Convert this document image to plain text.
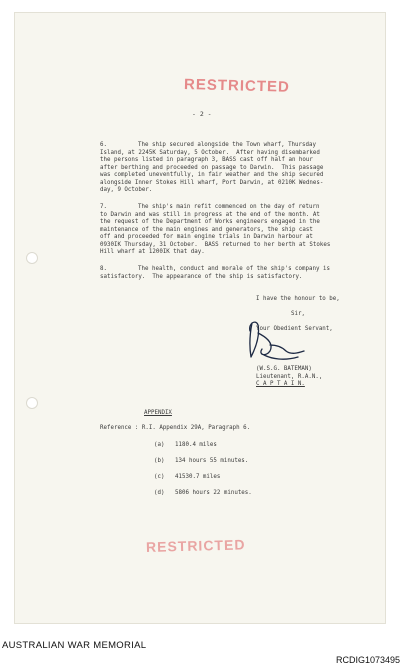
RESTRICTED
- 2 -
6.	The ship secured alongside the Town wharf, Thursday
Island, at 2245K Saturday, 5 October.  After having disembarked
the persons listed in paragraph 3, BASS cast off half an hour
after berthing and proceeded on passage to Darwin.  This passage
was completed uneventfully, in fair weather and the ship secured
alongside Inner Stokes Hill wharf, Port Darwin, at 0210K Wednes-
day, 9 October.
7.	The ship's main refit commenced on the day of return
to Darwin and was still in progress at the end of the month. At
the request of the Department of Works engineers engaged in the
maintenance of the main engines and generators, the ship cast
off and proceeded for main engine trials in Darwin harbour at
0930IK Thursday, 31 October.  BASS returned to her berth at Stokes
Hill wharf at 1200IK that day.
8.	The health, conduct and morale of the ship's company is
satisfactory.  The appearance of the ship is satisfactory.
I have the honour to be,
Sir,
Your Obedient Servant,
(W.S.G. BATEMAN)
Lieutenant, R.A.N.,
C A P T A I N.
APPENDIX
Reference : R.I. Appendix 29A, Paragraph 6.
(a) 1180.4 miles
(b) 134 hours 55 minutes.
(c) 41530.7 miles
(d) 5806 hours 22 minutes.
RESTRICTED
AUSTRALIAN WAR MEMORIAL
RCDIG1073495
